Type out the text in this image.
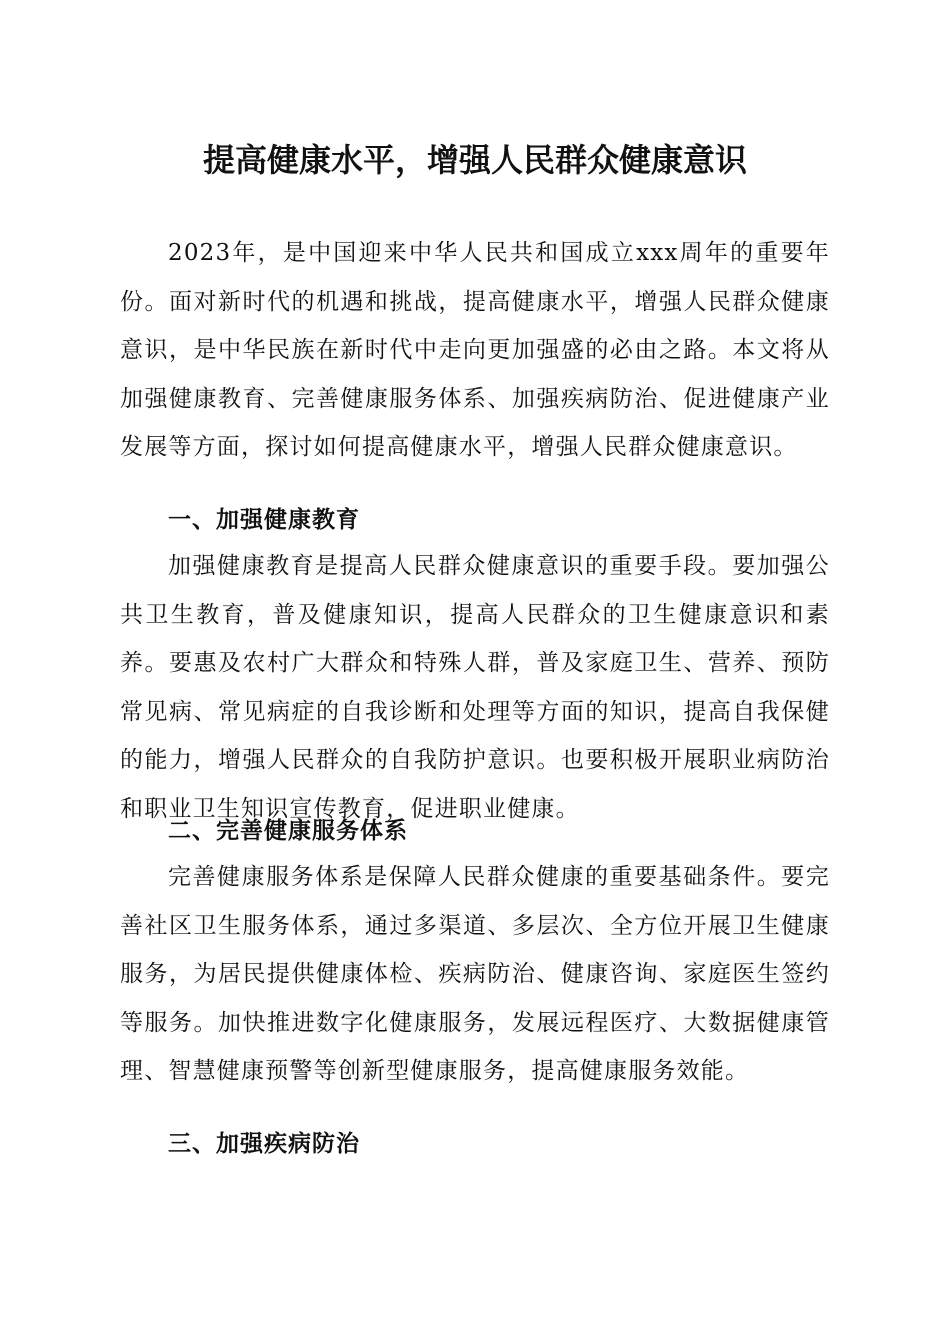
提高健康水平，增强人民群众健康意识

2023年，是中国迎来中华人民共和国成立xxx周年的重要年份。面对新时代的机遇和挑战，提高健康水平，增强人民群众健康意识，是中华民族在新时代中走向更加强盛的必由之路。本文将从加强健康教育、完善健康服务体系、加强疾病防治、促进健康产业发展等方面，探讨如何提高健康水平，增强人民群众健康意识。

一、加强健康教育

加强健康教育是提高人民群众健康意识的重要手段。要加强公共卫生教育，普及健康知识，提高人民群众的卫生健康意识和素养。要惠及农村广大群众和特殊人群，普及家庭卫生、营养、预防常见病、常见病症的自我诊断和处理等方面的知识，提高自我保健的能力，增强人民群众的自我防护意识。也要积极开展职业病防治和职业卫生知识宣传教育，促进职业健康。

二、完善健康服务体系

完善健康服务体系是保障人民群众健康的重要基础条件。要完善社区卫生服务体系，通过多渠道、多层次、全方位开展卫生健康服务，为居民提供健康体检、疾病防治、健康咨询、家庭医生签约等服务。加快推进数字化健康服务，发展远程医疗、大数据健康管理、智慧健康预警等创新型健康服务，提高健康服务效能。

三、加强疾病防治
